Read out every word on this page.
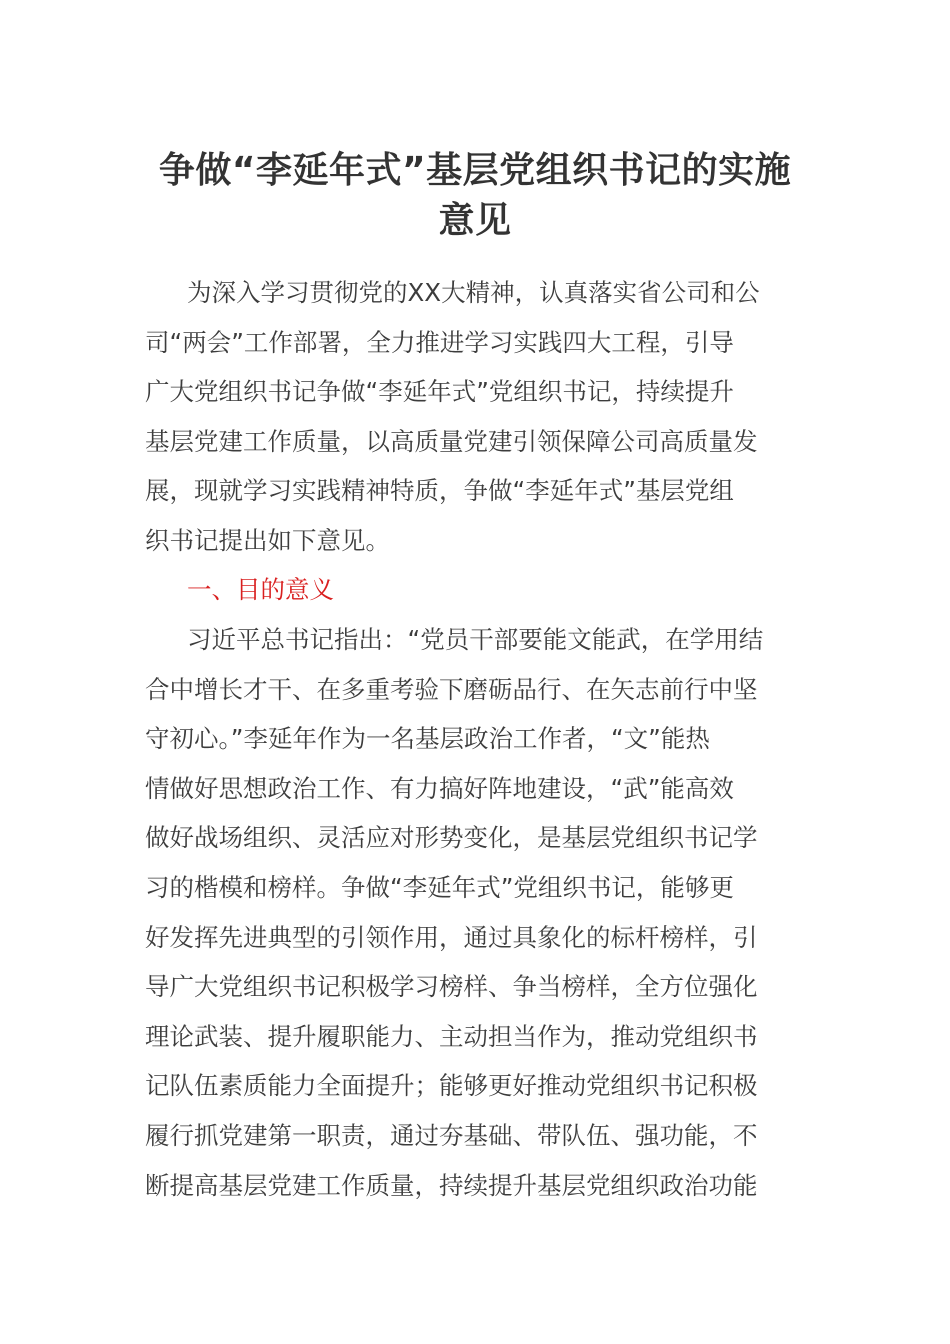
争做“李延年式”基层党组织书记的实施
意见
为深入学习贯彻党的XX大精神，认真落实省公司和公
司“两会”工作部署，全力推进学习实践四大工程，引导
广大党组织书记争做“李延年式”党组织书记，持续提升
基层党建工作质量，以高质量党建引领保障公司高质量发
展，现就学习实践精神特质，争做“李延年式”基层党组
织书记提出如下意见。
一、目的意义
习近平总书记指出：“党员干部要能文能武，在学用结
合中增长才干、在多重考验下磨砺品行、在矢志前行中坚
守初心。”李延年作为一名基层政治工作者，“文”能热
情做好思想政治工作、有力搞好阵地建设，“武”能高效
做好战场组织、灵活应对形势变化，是基层党组织书记学
习的楷模和榜样。争做“李延年式”党组织书记，能够更
好发挥先进典型的引领作用，通过具象化的标杆榜样，引
导广大党组织书记积极学习榜样、争当榜样，全方位强化
理论武装、提升履职能力、主动担当作为，推动党组织书
记队伍素质能力全面提升；能够更好推动党组织书记积极
履行抓党建第一职责，通过夯基础、带队伍、强功能，不
断提高基层党建工作质量，持续提升基层党组织政治功能
